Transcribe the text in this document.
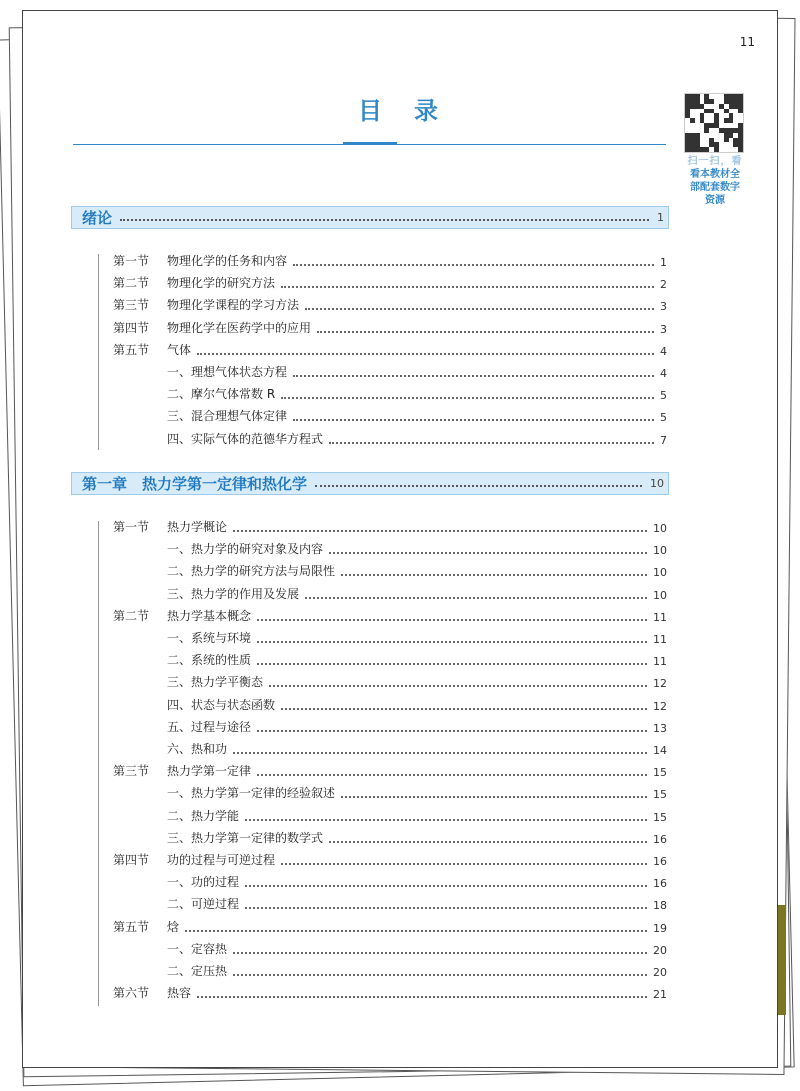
11
目　录
扫一扫，看
看本教材全
部配套数字
资源
绪论	1
第一节	物理化学的任务和内容	1
第二节	物理化学的研究方法	2
第三节	物理化学课程的学习方法	3
第四节	物理化学在医药学中的应用	3
第五节	气体	4
一、理想气体状态方程	4
二、摩尔气体常数 R	5
三、混合理想气体定律	5
四、实际气体的范德华方程式	7
第一章　热力学第一定律和热化学	10
第一节	热力学概论	10
一、热力学的研究对象及内容	10
二、热力学的研究方法与局限性	10
三、热力学的作用及发展	10
第二节	热力学基本概念	11
一、系统与环境	11
二、系统的性质	11
三、热力学平衡态	12
四、状态与状态函数	12
五、过程与途径	13
六、热和功	14
第三节	热力学第一定律	15
一、热力学第一定律的经验叙述	15
二、热力学能	15
三、热力学第一定律的数学式	16
第四节	功的过程与可逆过程	16
一、功的过程	16
二、可逆过程	18
第五节	焓	19
一、定容热	20
二、定压热	20
第六节	热容	21
